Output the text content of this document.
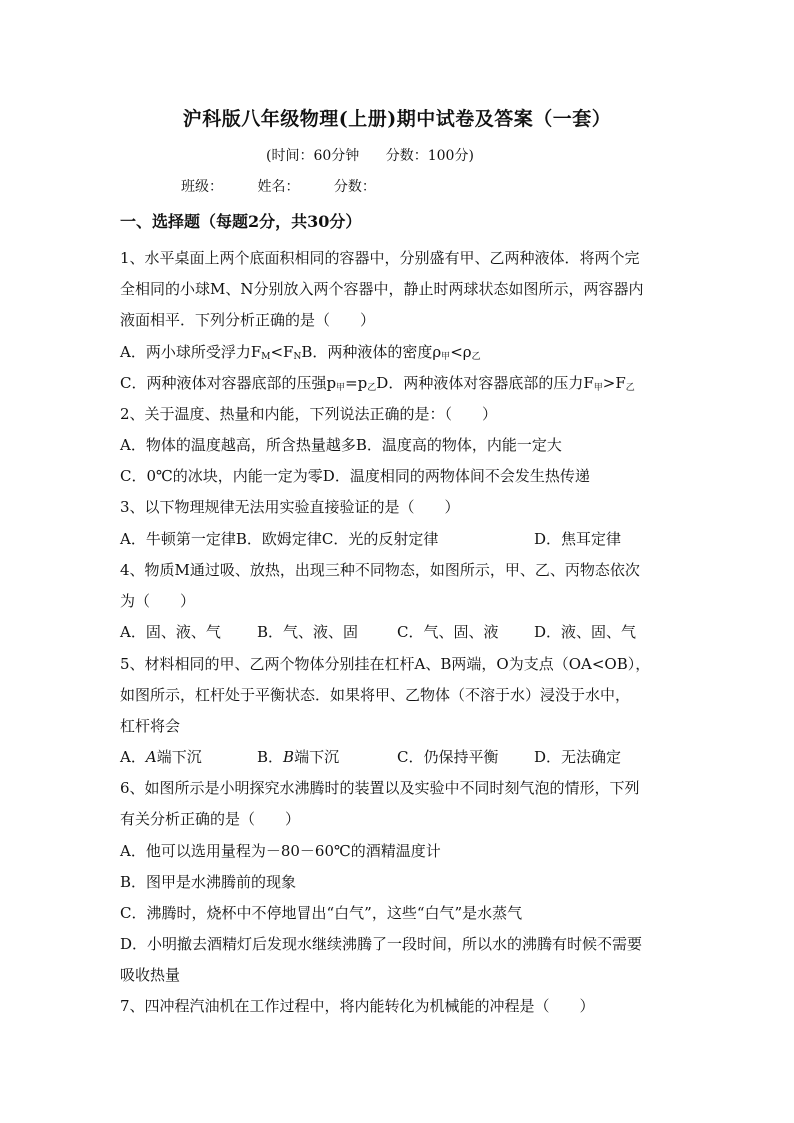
沪科版八年级物理(上册)期中试卷及答案（一套）
(时间：60分钟 分数：100分)
班级： 姓名： 分数：
一、选择题（每题2分，共30分）
1、水平桌面上两个底面积相同的容器中，分别盛有甲、乙两种液体．将两个完
全相同的小球M、N分别放入两个容器中，静止时两球状态如图所示，两容器内
液面相平．下列分析正确的是（　　）
A．两小球所受浮力$F_M<F_NB$．两种液体的密度$\rho_甲<\rho_乙$
C．两种液体对容器底部的压强$p_甲=p_乙D$．两种液体对容器底部的压力$F_甲>F_乙$
2、关于温度、热量和内能，下列说法正确的是：（　　）
A．物体的温度越高，所含热量越多B．温度高的物体，内能一定大
C．0℃的冰块，内能一定为零D．温度相同的两物体间不会发生热传递
3、以下物理规律无法用实验直接验证的是（　　）
A．牛顿第一定律B．欧姆定律C．光的反射定律	D．焦耳定律
4、物质M通过吸、放热，出现三种不同物态，如图所示，甲、乙、丙物态依次
为（　　）
A．固、液、气 B．气、液、固	C．气、固、液 D．液、固、气
5、材料相同的甲、乙两个物体分别挂在杠杆A、B两端，O为支点（OA<OB），
如图所示，杠杆处于平衡状态．如果将甲、乙物体（不溶于水）浸没于水中，
杠杆将会
A．A端下沉	B．B端下沉	C．仍保持平衡 D．无法确定
6、如图所示是小明探究水沸腾时的装置以及实验中不同时刻气泡的情形，下列
有关分析正确的是（　　）
A．他可以选用量程为－80－60℃的酒精温度计
B．图甲是水沸腾前的现象
C．沸腾时，烧杯中不停地冒出“白气”，这些“白气”是水蒸气
D．小明撤去酒精灯后发现水继续沸腾了一段时间，所以水的沸腾有时候不需要
吸收热量
7、四冲程汽油机在工作过程中，将内能转化为机械能的冲程是（　　）
